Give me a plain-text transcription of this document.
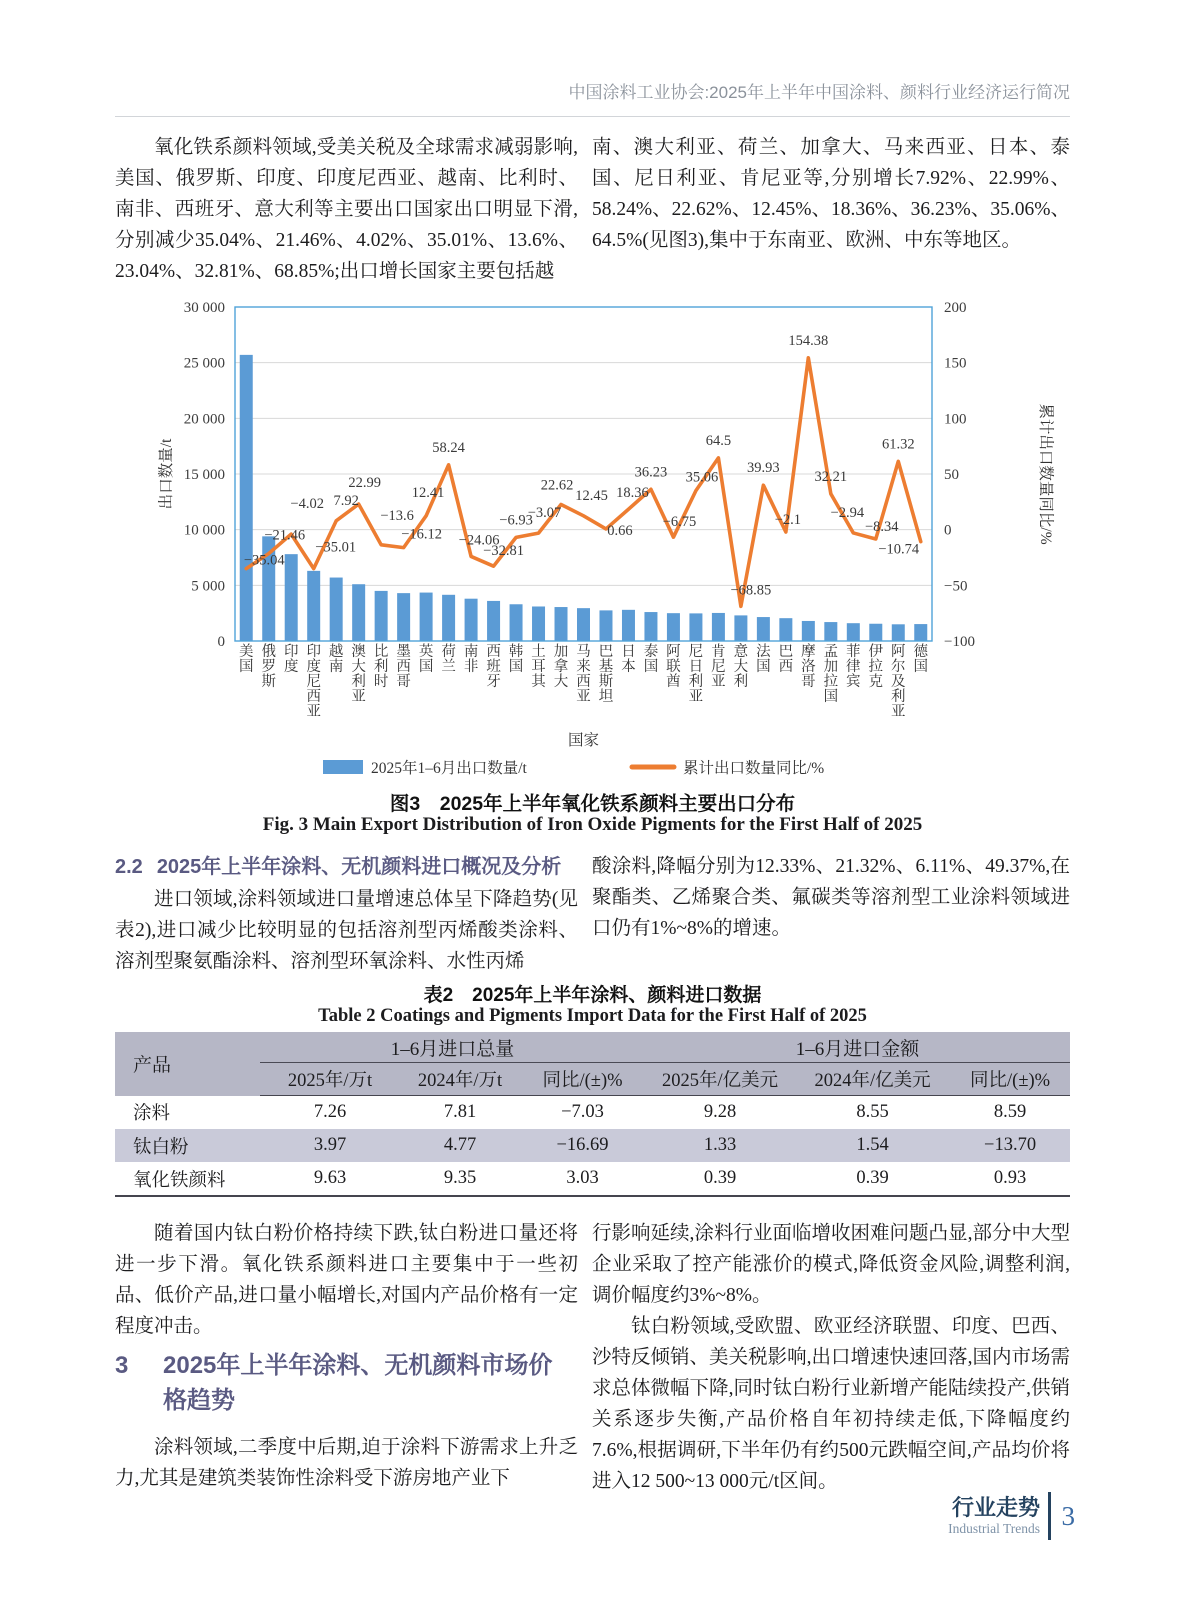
中国涂料工业协会:2025年上半年中国涂料、颜料行业经济运行简况
氧化铁系颜料领域,受美关税及全球需求减弱影响,美国、俄罗斯、印度、印度尼西亚、越南、比利时、南非、西班牙、意大利等主要出口国家出口明显下滑,分别减少35.04%、21.46%、4.02%、35.01%、13.6%、23.04%、32.81%、68.85%;出口增长国家主要包括越
南、澳大利亚、荷兰、加拿大、马来西亚、日本、泰国、尼日利亚、肯尼亚等,分别增长7.92%、22.99%、58.24%、22.62%、12.45%、18.36%、36.23%、35.06%、64.5%(见图3),集中于东南亚、欧洲、中东等地区。
−35.04
−21.46
−4.02
−35.01
7.92
22.99
−13.6
−16.12
12.41
58.24
−24.06
−32.81
−6.93
−3.07
22.62
12.45
0.66
18.36
36.23
−6.75
35.06
64.5
−68.85
39.93
−2.1
154.38
32.21
−2.94
−8.34
61.32
−10.74
0
5 000
10 000
15 000
20 000
25 000
30 000
−100
−50
0
50
100
150
200
出口数量/t	累计出口数量同比/%
美国
俄罗斯
印度
印度尼西亚
越南
澳大利亚
比利时
墨西哥
英国
荷兰
南非
西班牙
韩国
土耳其
加拿大
马来西亚
巴基斯坦
日本
泰国
阿联酋
尼日利亚
肯尼亚
意大利
法国
巴西
摩洛哥
孟加拉国
菲律宾
伊拉克
阿尔及利亚
德国
国家
2025年1–6月出口数量/t	累计出口数量同比/%
图3　2025年上半年氧化铁系颜料主要出口分布
Fig. 3 Main Export Distribution of Iron Oxide Pigments for the First Half of 2025
2.2 2025年上半年涂料、无机颜料进口概况及分析
进口领域,涂料领域进口量增速总体呈下降趋势(见表2),进口减少比较明显的包括溶剂型丙烯酸类涂料、溶剂型聚氨酯涂料、溶剂型环氧涂料、水性丙烯
酸涂料,降幅分别为12.33%、21.32%、6.11%、49.37%,在聚酯类、乙烯聚合类、氟碳类等溶剂型工业涂料领域进口仍有1%~8%的增速。
表2　2025年上半年涂料、颜料进口数据
Table 2 Coatings and Pigments Import Data for the First Half of 2025
产品	1–6月进口总量			1–6月进口金额		
	2025年/万t	2024年/万t	同比/(±)%	2025年/亿美元	2024年/亿美元	同比/(±)%
涂料	7.26	7.81	−7.03	9.28	8.55	8.59
钛白粉	3.97	4.77	−16.69	1.33	1.54	−13.70
氧化铁颜料	9.63	9.35	3.03	0.39	0.39	0.93
随着国内钛白粉价格持续下跌,钛白粉进口量还将进一步下滑。氧化铁系颜料进口主要集中于一些初品、低价产品,进口量小幅增长,对国内产品价格有一定程度冲击。
3 2025年上半年涂料、无机颜料市场价格趋势
涂料领域,二季度中后期,迫于涂料下游需求上升乏力,尤其是建筑类装饰性涂料受下游房地产业下

行影响延续,涂料行业面临增收困难问题凸显,部分中大型企业采取了控产能涨价的模式,降低资金风险,调整利润,调价幅度约3%~8%。

钛白粉领域,受欧盟、欧亚经济联盟、印度、巴西、沙特反倾销、美关税影响,出口增速快速回落,国内市场需求总体微幅下降,同时钛白粉行业新增产能陆续投产,供销关系逐步失衡,产品价格自年初持续走低,下降幅度约7.6%,根据调研,下半年仍有约500元跌幅空间,产品均价将进入12 500~13 000元/t区间。

行业走势
Industrial Trends 3
